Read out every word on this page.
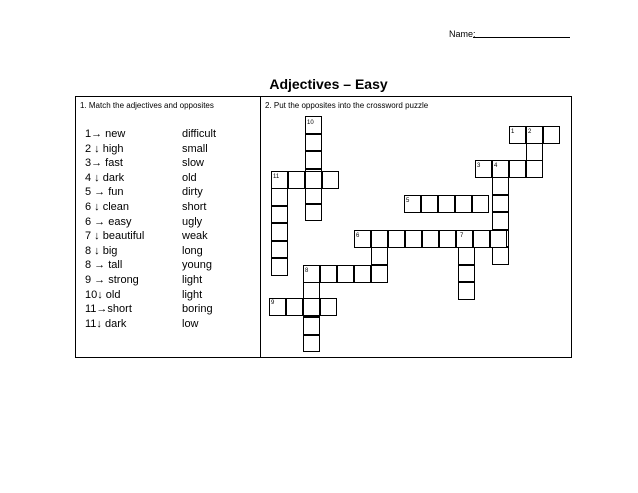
Name:
Adjectives – Easy
1. Match the adjectives and opposites	2. Put the opposites into the crossword puzzle
1→ new	difficult
2 ↓ high	small
3→ fast	slow
4 ↓ dark	old
5 → fun	dirty
6 ↓ clean	short
6 → easy	ugly
7 ↓ beautiful	weak
8 ↓ big	long
8 → tall	young
9 → strong	light
10↓ old	light
11→short	boring
11↓ dark	low
10
11
1 2
3 4
5
6	7
8
9
